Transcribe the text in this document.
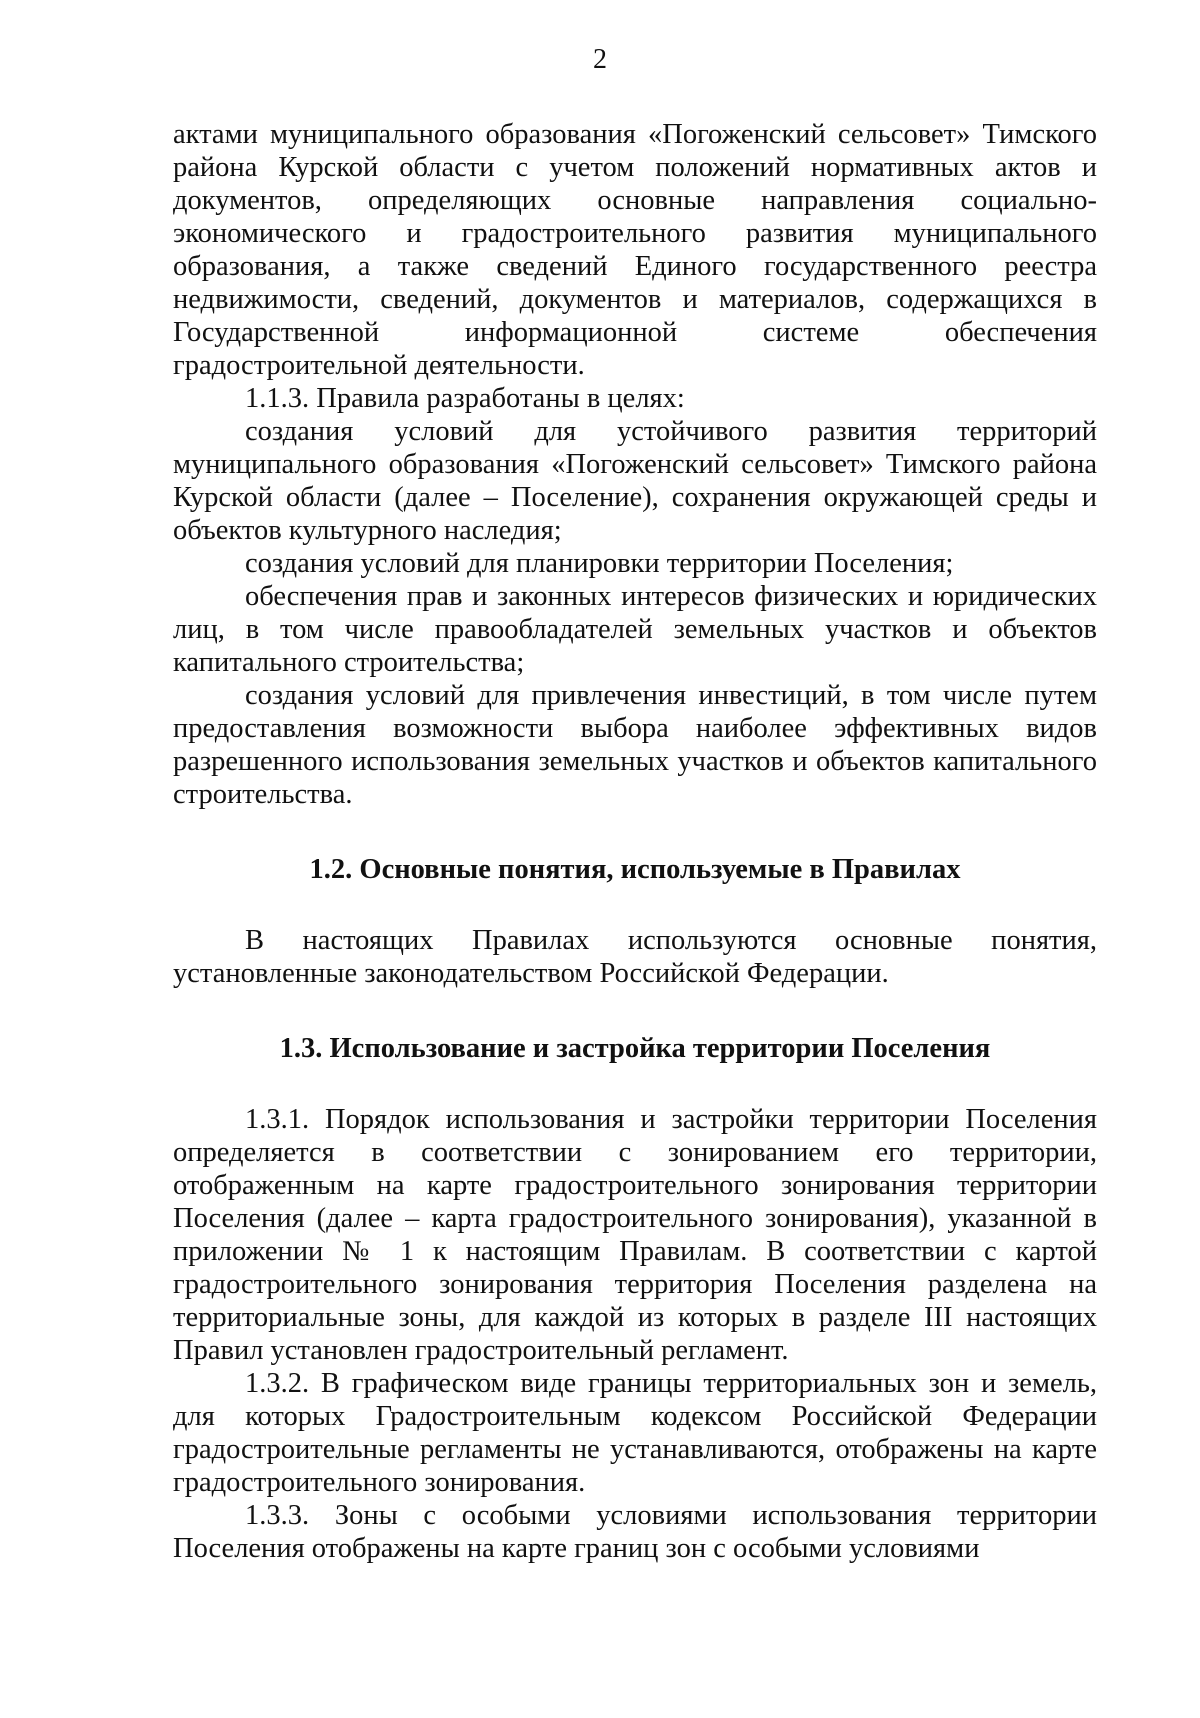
2

актами муниципального образования «Погоженский сельсовет» Тимского района Курской области с учетом положений нормативных актов и документов, определяющих основные направления социально-экономического и градостроительного развития муниципального образования, а также сведений Единого государственного реестра недвижимости, сведений, документов и материалов, содержащихся в Государственной информационной системе обеспечения градостроительной деятельности.

1.1.3. Правила разработаны в целях:

создания условий для устойчивого развития территорий муниципального образования «Погоженский сельсовет» Тимского района Курской области (далее – Поселение), сохранения окружающей среды и объектов культурного наследия;

создания условий для планировки территории Поселения;

обеспечения прав и законных интересов физических и юридических лиц, в том числе правообладателей земельных участков и объектов капитального строительства;

создания условий для привлечения инвестиций, в том числе путем предоставления возможности выбора наиболее эффективных видов разрешенного использования земельных участков и объектов капитального строительства.

1.2. Основные понятия, используемые в Правилах

В настоящих Правилах используются основные понятия, установленные законодательством Российской Федерации.

1.3. Использование и застройка территории Поселения

1.3.1. Порядок использования и застройки территории Поселения определяется в соответствии с зонированием его территории, отображенным на карте градостроительного зонирования территории Поселения (далее – карта градостроительного зонирования), указанной в приложении № 1 к настоящим Правилам. В соответствии с картой градостроительного зонирования территория Поселения разделена на территориальные зоны, для каждой из которых в разделе III настоящих Правил установлен градостроительный регламент.

1.3.2. В графическом виде границы территориальных зон и земель, для которых Градостроительным кодексом Российской Федерации градостроительные регламенты не устанавливаются, отображены на карте градостроительного зонирования.

1.3.3. Зоны с особыми условиями использования территории Поселения отображены на карте границ зон с особыми условиями
